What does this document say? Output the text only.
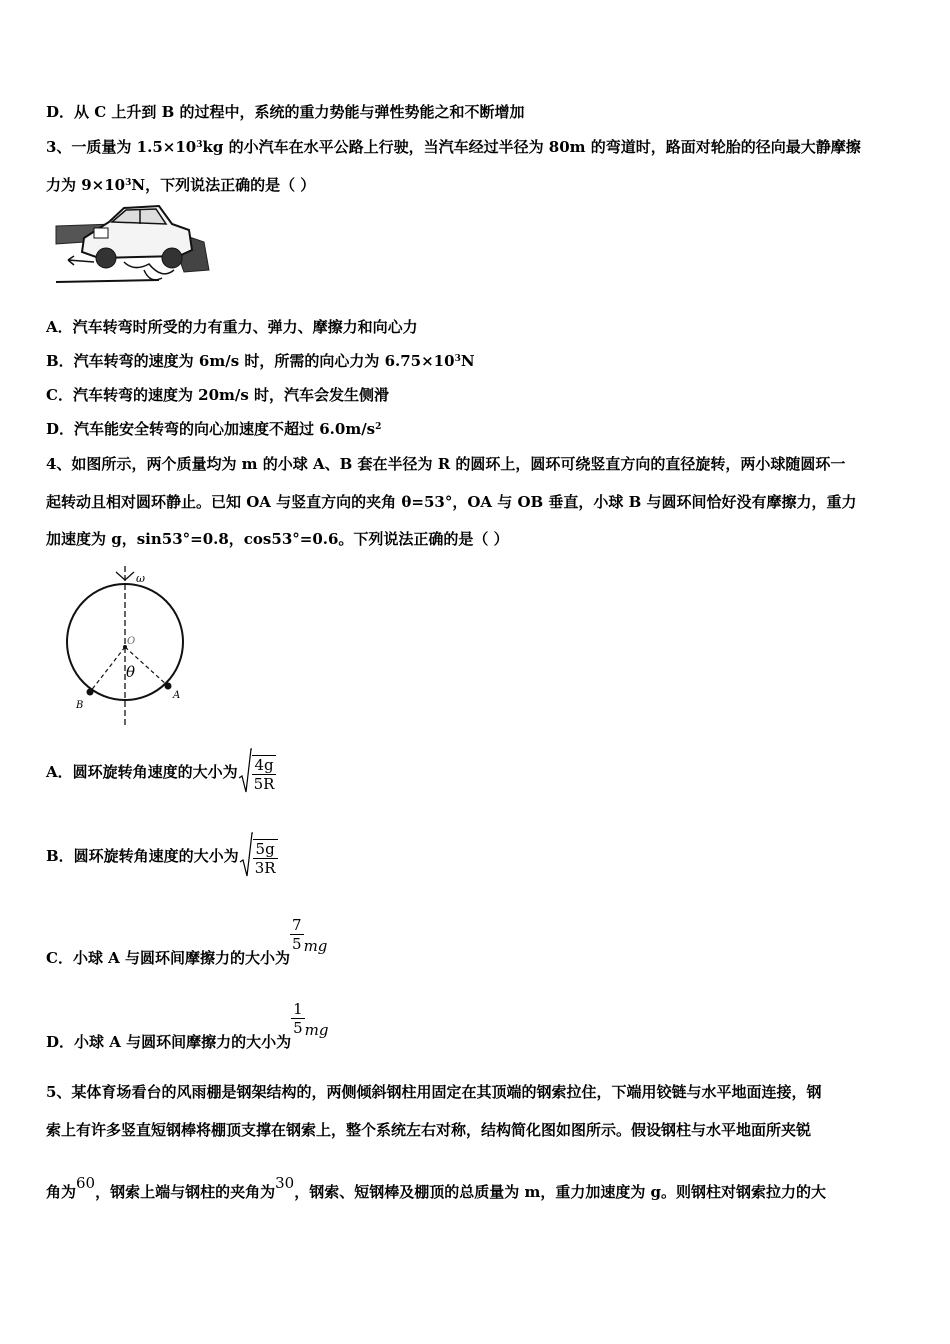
D．从 C 上升到 B 的过程中，系统的重力势能与弹性势能之和不断增加
3、一质量为 $1.5\times 10^3kg$ 的小汽车在水平公路上行驶，当汽车经过半径为 80m 的弯道时，路面对轮胎的径向最大静摩擦
力为 $9\times 10^3N$，下列说法正确的是（ ）
A．汽车转弯时所受的力有重力、弹力、摩擦力和向心力
B．汽车转弯的速度为 6m/s 时，所需的向心力为 $6.75\times 10^3N$
C．汽车转弯的速度为 20m/s 时，汽车会发生侧滑
D．汽车能安全转弯的向心加速度不超过 $6.0m/s^2$
4、如图所示，两个质量均为 m 的小球 A、B 套在半径为 R 的圆环上，圆环可绕竖直方向的直径旋转，两小球随圆环一
起转动且相对圆环静止。已知 OA 与竖直方向的夹角 θ=53°，OA 与 OB 垂直，小球 B 与圆环间恰好没有摩擦力，重力
加速度为 g，sin53°=0.8，cos53°=0.6。下列说法正确的是（ ）
ω
O
θ
A
B
A．圆环旋转角速度的大小为 $\frac{4g}{5R}$
B．圆环旋转角速度的大小为 $\frac{5g}{3R}$
C．小球 A 与圆环间摩擦力的大小为
$\frac{7}{5}$ mg
D．小球 A 与圆环间摩擦力的大小为
$\frac{1}{5}$ mg
5、某体育场看台的风雨棚是钢架结构的，两侧倾斜钢柱用固定在其顶端的钢索拉住，下端用铰链与水平地面连接，钢
索上有许多竖直短钢棒将棚顶支撑在钢索上，整个系统左右对称，结构简化图如图所示。假设钢柱与水平地面所夹锐
角为60，钢索上端与钢柱的夹角为30，钢索、短钢棒及棚顶的总质量为 m，重力加速度为 g。则钢柱对钢索拉力的大
